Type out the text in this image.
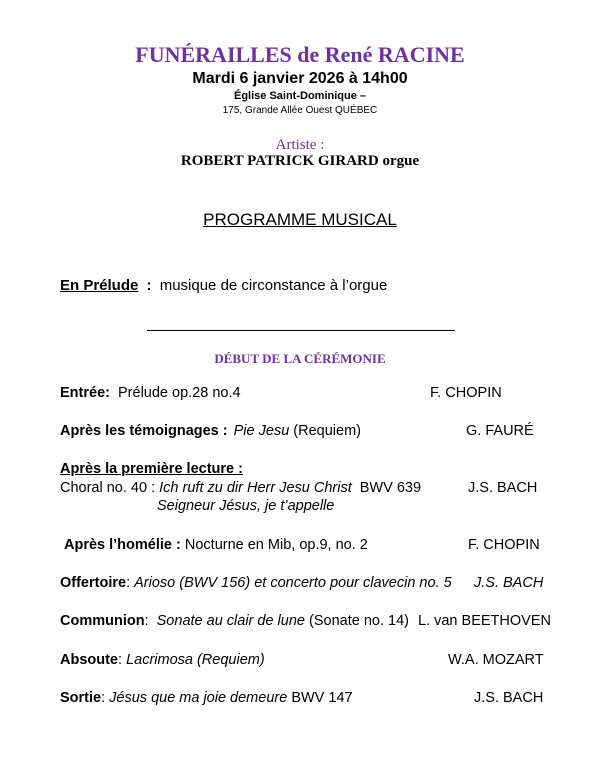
FUNÉRAILLES de René RACINE
Mardi 6 janvier 2026 à 14h00
Église Saint-Dominique –
175, Grande Allée Ouest QUÉBEC
Artiste :
ROBERT PATRICK GIRARD orgue
PROGRAMME MUSICAL
En Prélude : musique de circonstance à l’orgue
DÉBUT DE LA CÉRÉMONIE
Entrée: Prélude op.28 no.4	F. CHOPIN
Après les témoignages : Pie Jesu (Requiem)	G. FAURÉ
Après la première lecture :
Choral no. 40 : Ich ruft zu dir Herr Jesu Christ BWV 639	J.S. BACH
Seigneur Jésus, je t’appelle
Après l’homélie : Nocturne en Mib, op.9, no. 2	F. CHOPIN
Offertoire: Arioso (BWV 156) et concerto pour clavecin no. 5 J.S. BACH
Communion: Sonate au clair de lune (Sonate no. 14) L. van BEETHOVEN
Absoute: Lacrimosa (Requiem)	W.A. MOZART
Sortie: Jésus que ma joie demeure BWV 147	J.S. BACH
